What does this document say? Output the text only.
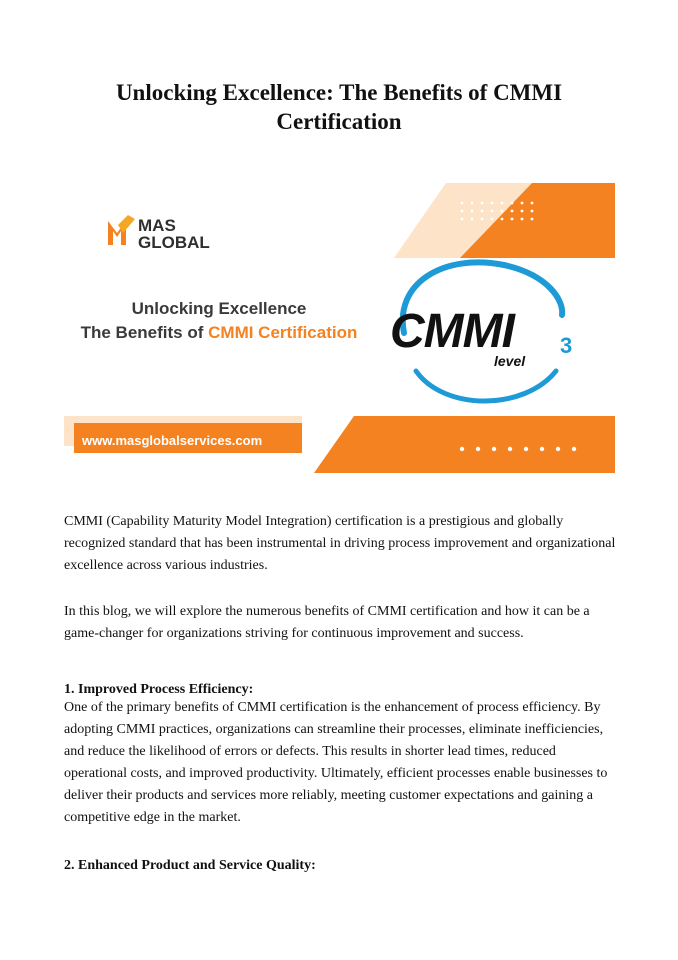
Unlocking Excellence: The Benefits of CMMI Certification
MAS
GLOBAL
Unlocking Excellence
The Benefits of CMMI Certification CMMI
level
3
www.masglobalservices.com

CMMI (Capability Maturity Model Integration) certification is a prestigious and globally recognized standard that has been instrumental in driving process improvement and organizational excellence across various industries.

In this blog, we will explore the numerous benefits of CMMI certification and how it can be a game-changer for organizations striving for continuous improvement and success.

1. Improved Process Efficiency:

One of the primary benefits of CMMI certification is the enhancement of process efficiency. By adopting CMMI practices, organizations can streamline their processes, eliminate inefficiencies, and reduce the likelihood of errors or defects. This results in shorter lead times, reduced operational costs, and improved productivity. Ultimately, efficient processes enable businesses to deliver their products and services more reliably, meeting customer expectations and gaining a competitive edge in the market.

2. Enhanced Product and Service Quality:
